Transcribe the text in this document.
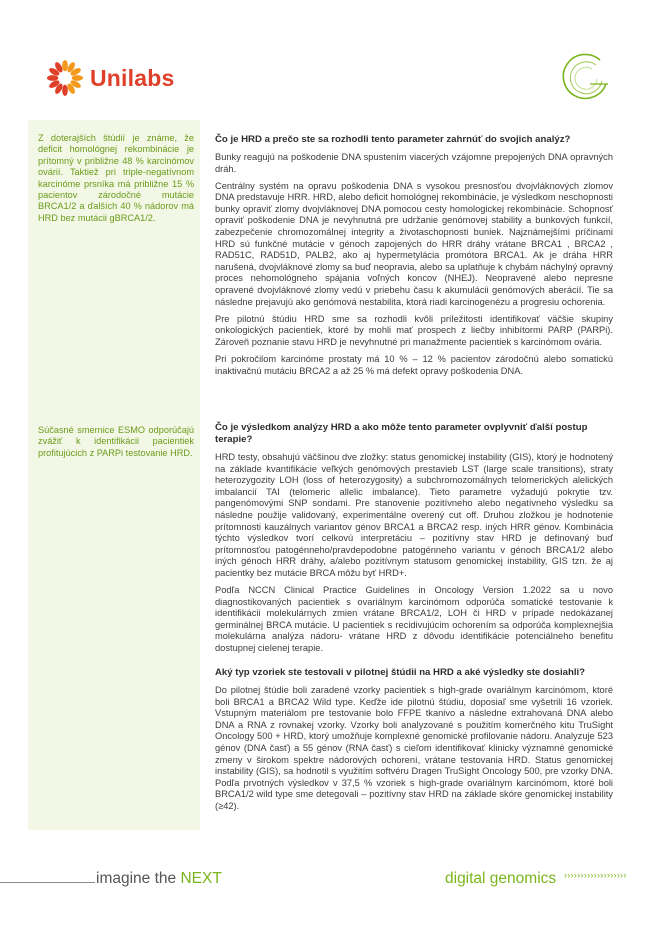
Unilabs

Z doterajších štúdií je známe, že deficit homológnej rekombinácie je prítomný v približne 48 % karcinómov ovárií. Taktiež pri triple-negatívnom karcinóme prsníka má približne 15 % pacientov zárodočné mutácie BRCA1/2 a ďalších 40 % nádorov má HRD bez mutácii gBRCA1/2.

Súčasné smernice ESMO odporúčajú zvážiť k identifikácii pacientiek profitujúcich z PARPi testovanie HRD.

Čo je HRD a prečo ste sa rozhodli tento parameter zahrnúť do svojich analýz?

Bunky reagujú na poškodenie DNA spustením viacerých vzájomne prepojených DNA opravných dráh.

Centrálny systém na opravu poškodenia DNA s vysokou presnosťou dvojvláknových zlomov DNA predstavuje HRR. HRD, alebo deficit homológnej rekombinácie, je výsledkom neschopnosti bunky opraviť zlomy dvojvláknovej DNA pomocou cesty homologickej rekombinácie. Schopnosť opraviť poškodenie DNA je nevyhnutná pre udržanie genómovej stability a bunkových funkcií, zabezpečenie chromozomálnej integrity a životaschopnosti buniek. Najznámejšími príčinami HRD sú funkčné mutácie v génoch zapojených do HRR dráhy vrátane BRCA1 , BRCA2 , RAD51C, RAD51D, PALB2, ako aj hypermetylácia promótora BRCA1. Ak je dráha HRR narušená, dvojvláknové zlomy sa buď neopravia, alebo sa uplatňuje k chybám náchylný opravný proces nehomológneho spájania voľných koncov (NHEJ). Neopravené alebo nepresne opravené dvojvláknové zlomy vedú v priebehu času k akumulácii genómových aberácií. Tie sa následne prejavujú ako genómová nestabilita, ktorá riadi karcinogenézu a progresiu ochorenia.

Pre pilotnú štúdiu HRD sme sa rozhodli kvôli príležitosti identifikovať väčšie skupiny onkologických pacientiek, ktoré by mohli mať prospech z liečby inhibítormi PARP (PARPi). Zároveň poznanie stavu HRD je nevyhnutné pri manažmente pacientiek s karcinómom ovária.

Pri pokročilom karcinóme prostaty má 10 % – 12 % pacientov zárodočnú alebo somatickú inaktivačnú mutáciu BRCA2 a až 25 % má defekt opravy poškodenia DNA.

Čo je výsledkom analýzy HRD a ako môže tento parameter ovplyvniť ďalší postup terapie?

HRD testy, obsahujú väčšinou dve zložky: status genomickej instability (GIS), ktorý je hodnotený na základe kvantifikácie veľkých genómových prestavieb LST (large scale transitions), straty heterozygozity LOH (loss of heterozygosity) a subchromozomálnych telomerických alelických imbalancií TAI (telomeric allelic imbalance). Tieto parametre vyžadujú pokrytie tzv. pangenómovými SNP sondami. Pre stanovenie pozitívneho alebo negatívneho výsledku sa následne použije validovaný, experimentálne overený cut off. Druhou zložkou je hodnotenie prítomnosti kauzálnych variantov génov BRCA1 a BRCA2 resp. iných HRR génov. Kombinácia týchto výsledkov tvorí celkovú interpretáciu – pozitívny stav HRD je definovaný buď prítomnosťou patogénneho/pravdepodobne patogénneho variantu v génoch BRCA1/2 alebo iných génoch HRR dráhy, a/alebo pozitívnym statusom genomickej instability, GIS tzn. že aj pacientky bez mutácie BRCA môžu byť HRD+.

Podľa NCCN Clinical Practice Guidelines in Oncology Version 1.2022 sa u novo diagnostikovaných pacientiek s ovariálnym karcinómom odporúča somatické testovanie k identifikácii molekulárnych zmien vrátane BRCA1/2, LOH či HRD v prípade nedokázanej germinálnej BRCA mutácie. U pacientiek s recidivujúcim ochorením sa odporúča komplexnejšia molekulárna analýza nádoru- vrátane HRD z dôvodu identifikácie potenciálneho benefitu dostupnej cielenej terapie.

Aký typ vzoriek ste testovali v pilotnej štúdii na HRD a aké výsledky ste dosiahli?

Do pilotnej štúdie boli zaradené vzorky pacientiek s high-grade ovariálnym karcinómom, ktoré boli BRCA1 a BRCA2 Wild type. Keďže ide pilotnú štúdiu, doposiaľ sme vyšetrili 16 vzoriek. Vstupným materiálom pre testovanie bolo FFPE tkanivo a následne extrahovaná DNA alebo DNA a RNA z rovnakej vzorky. Vzorky boli analyzované s použitím komerčného kitu TruSight Oncology 500 + HRD, ktorý umožňuje komplexné genomické profilovanie nádoru. Analyzuje 523 génov (DNA časť) a 55 génov (RNA časť) s cieľom identifikovať klinicky významné genomické zmeny v širokom spektre nádorových ochorení, vrátane testovania HRD. Status genomickej instability (GIS), sa hodnotil s využitím softvéru Dragen TruSight Oncology 500, pre vzorky DNA. Podľa prvotných výsledkov v 37,5 % vzoriek s high-grade ovariálnym karcinómom, ktoré boli BRCA1/2 wild type sme detegovali – pozitívny stav HRD na základe skóre genomickej instability (≥42).

imagine the NEXT	digital genomics ›››››››››››››››››››
